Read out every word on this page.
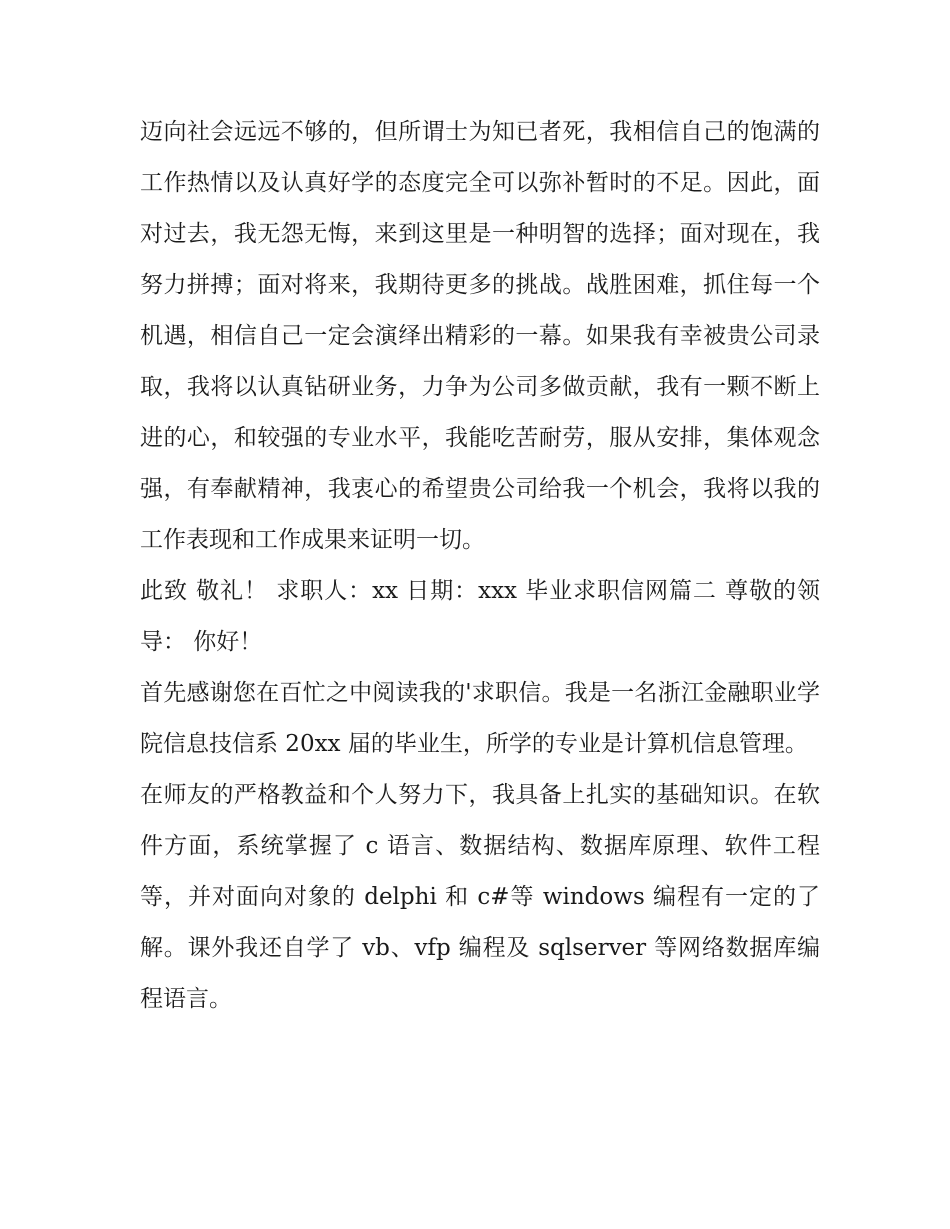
迈向社会远远不够的，但所谓士为知已者死，我相信自己的饱满的工作热情以及认真好学的态度完全可以弥补暂时的不足。因此，面对过去，我无怨无悔，来到这里是一种明智的选择；面对现在，我努力拼搏；面对将来，我期待更多的挑战。战胜困难，抓住每一个机遇，相信自己一定会演绎出精彩的一幕。如果我有幸被贵公司录取，我将以认真钻研业务，力争为公司多做贡献，我有一颗不断上进的心，和较强的专业水平，我能吃苦耐劳，服从安排，集体观念强，有奉献精神，我衷心的希望贵公司给我一个机会，我将以我的工作表现和工作成果来证明一切。

此致 敬礼！ 求职人：xx 日期：xxx 毕业求职信网篇二 尊敬的领导： 你好！

首先感谢您在百忙之中阅读我的'求职信。我是一名浙江金融职业学院信息技信系 20xx 届的毕业生，所学的专业是计算机信息管理。

在师友的严格教益和个人努力下，我具备上扎实的基础知识。在软件方面，系统掌握了 c 语言、数据结构、数据库原理、软件工程等，并对面向对象的 delphi 和 c#等 windows 编程有一定的了解。课外我还自学了 vb、vfp 编程及 sqlserver 等网络数据库编程语言。
